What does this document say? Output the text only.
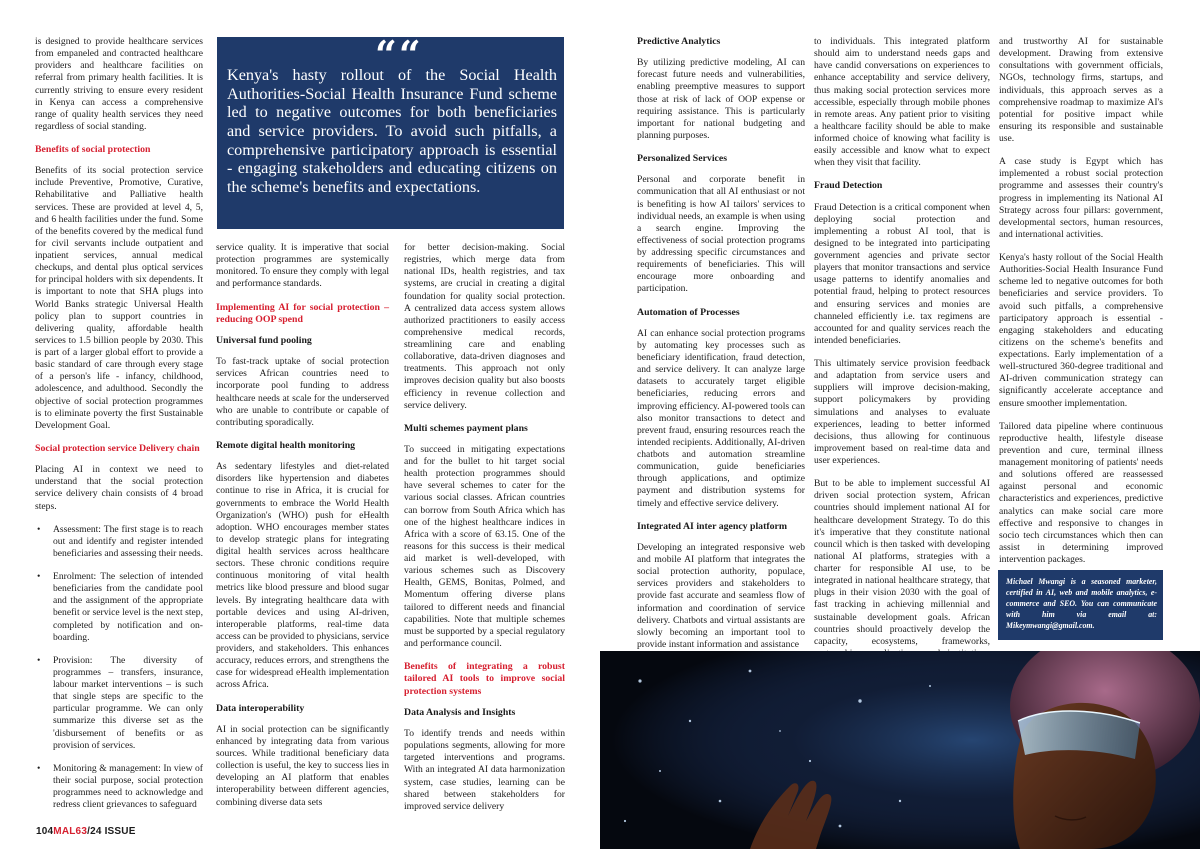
is designed to provide healthcare services from empaneled and contracted healthcare providers and healthcare facilities on referral from primary health facilities. It is currently striving to ensure every resident in Kenya can access a comprehensive range of quality health services they need regardless of social standing.

Benefits of social protection

Benefits of its social protection service include Preventive, Promotive, Curative, Rehabilitative and Palliative health services. These are provided at level 4, 5, and 6 health facilities under the fund. Some of the benefits covered by the medical fund for civil servants include outpatient and inpatient services, annual medical checkups, and dental plus optical services for principal holders with six dependents. It is important to note that SHA plugs into World Banks strategic Universal Health policy plan to support countries in delivering quality, affordable health services to 1.5 billion people by 2030. This is part of a larger global effort to provide a basic standard of care through every stage of a person's life - infancy, childhood, adolescence, and adulthood. Secondly the objective of social protection programmes is to eliminate poverty the first Sustainable Development Goal.

Social protection service Delivery chain

Placing AI in context we need to understand that the social protection service delivery chain consists of 4 broad steps.

• Assessment: The first stage is to reach out and identify and register intended beneficiaries and assessing their needs.
• Enrolment: The selection of intended beneficiaries from the candidate pool and the assignment of the appropriate benefit or service level is the next step, completed by notification and on-boarding.
• Provision: The diversity of programmes – transfers, insurance, labour market interventions – is such that single steps are specific to the particular programme. We can only summarize this diverse set as the 'disbursement of benefits or as provision of services.
• Monitoring & management: In view of their social purpose, social protection programmes need to acknowledge and redress client grievances to safeguard
““
Kenya's hasty rollout of the Social Health Authorities-Social Health Insurance Fund scheme led to negative outcomes for both beneficiaries and service providers. To avoid such pitfalls, a comprehensive participatory approach is essential - engaging stakeholders and educating citizens on the scheme's benefits and expectations.

service quality. It is imperative that social protection programmes are systemically monitored. To ensure they comply with legal and performance standards.

Implementing AI for social protection – reducing OOP spend
Universal fund pooling

To fast-track uptake of social protection services African countries need to incorporate pool funding to address healthcare needs at scale for the underserved who are unable to contribute or capable of contributing sporadically.

Remote digital health monitoring

As sedentary lifestyles and diet-related disorders like hypertension and diabetes continue to rise in Africa, it is crucial for governments to embrace the World Health Organization's (WHO) push for eHealth adoption. WHO encourages member states to develop strategic plans for integrating digital health services across healthcare sectors. These chronic conditions require continuous monitoring of vital health metrics like blood pressure and blood sugar levels. By integrating healthcare data with portable devices and using AI-driven, interoperable platforms, real-time data access can be provided to physicians, service providers, and stakeholders. This enhances accuracy, reduces errors, and strengthens the case for widespread eHealth implementation across Africa.

Data interoperability

AI in social protection can be significantly enhanced by integrating data from various sources. While traditional beneficiary data collection is useful, the key to success lies in developing an AI platform that enables interoperability between different agencies, combining diverse data sets

for better decision-making. Social registries, which merge data from national IDs, health registries, and tax systems, are crucial in creating a digital foundation for quality social protection. A centralized data access system allows authorized practitioners to easily access comprehensive medical records, streamlining care and enabling collaborative, data-driven diagnoses and treatments. This approach not only improves decision quality but also boosts efficiency in revenue collection and service delivery.

Multi schemes payment plans

To succeed in mitigating expectations and for the bullet to hit target social health protection programmes should have several schemes to cater for the various social classes. African countries can borrow from South Africa which has one of the highest healthcare indices in Africa with a score of 63.15. One of the reasons for this success is their medical aid market is well-developed, with various schemes such as Discovery Health, GEMS, Bonitas, Polmed, and Momentum offering diverse plans tailored to different needs and financial capabilities. Note that multiple schemes must be supported by a special regulatory and performance council.

Benefits of integrating a robust tailored AI tools to improve social protection systems
Data Analysis and Insights

To identify trends and needs within populations segments, allowing for more targeted interventions and programs. With an integrated AI data harmonization system, case studies, learning can be shared between stakeholders for improved service delivery

Predictive Analytics

By utilizing predictive modeling, AI can forecast future needs and vulnerabilities, enabling preemptive measures to support those at risk of lack of OOP expense or requiring assistance. This is particularly important for national budgeting and planning purposes.

Personalized Services

Personal and corporate benefit in communication that all AI enthusiast or not is benefiting is how AI tailors' services to individual needs, an example is when using a search engine. Improving the effectiveness of social protection programs by addressing specific circumstances and requirements of beneficiaries. This will encourage more onboarding and participation.

Automation of Processes

AI can enhance social protection programs by automating key processes such as beneficiary identification, fraud detection, and service delivery. It can analyze large datasets to accurately target eligible beneficiaries, reducing errors and improving efficiency. AI-powered tools can also monitor transactions to detect and prevent fraud, ensuring resources reach the intended recipients. Additionally, AI-driven chatbots and automation streamline communication, guide beneficiaries through applications, and optimize payment and distribution systems for timely and effective service delivery.

Integrated AI inter agency platform

Developing an integrated responsive web and mobile AI platform that integrates the social protection authority, populace, services providers and stakeholders to provide fast accurate and seamless flow of information and coordination of service delivery. Chatbots and virtual assistants are slowly becoming an important tool to provide instant information and assistance

to individuals. This integrated platform should aim to understand needs gaps and have candid conversations on experiences to enhance acceptability and service delivery, thus making social protection services more accessible, especially through mobile phones in remote areas. Any patient prior to visiting a healthcare facility should be able to make informed choice of knowing what facility is easily accessible and know what to expect when they visit that facility.

Fraud Detection

Fraud Detection is a critical component when deploying social protection and implementing a robust AI tool, that is designed to be integrated into participating government agencies and private sector players that monitor transactions and service usage patterns to identify anomalies and potential fraud, helping to protect resources and ensuring services and monies are channeled efficiently i.e. tax regimens are accounted for and quality services reach the intended beneficiaries.

This ultimately service provision feedback and adaptation from service users and suppliers will improve decision-making, support policymakers by providing simulations and analyses to evaluate experiences, leading to better informed decisions, thus allowing for continuous improvement based on real-time data and user experiences.

But to be able to implement successful AI driven social protection system, African countries should implement national AI for healthcare development Strategy. To do this it's imperative that they constitute national council which is then tasked with developing national AI platforms, strategies with a charter for responsible AI use, to be integrated in national healthcare strategy, that plugs in their vision 2030 with the goal of fast tracking in achieving millennial and sustainable development goals. African countries should proactively develop the capacity, ecosystems, frameworks,

and trustworthy AI for sustainable development. Drawing from extensive consultations with government officials, NGOs, technology firms, startups, and individuals, this approach serves as a comprehensive roadmap to maximize AI's potential for positive impact while ensuring its responsible and sustainable use.

A case study is Egypt which has implemented a robust social protection programme and assesses their country's progress in implementing its National AI Strategy across four pillars: government, developmental sectors, human resources, and international activities.

Kenya's hasty rollout of the Social Health Authorities-Social Health Insurance Fund scheme led to negative outcomes for both beneficiaries and service providers. To avoid such pitfalls, a comprehensive participatory approach is essential - engaging stakeholders and educating citizens on the scheme's benefits and expectations. Early implementation of a well-structured 360-degree traditional and AI-driven communication strategy can significantly accelerate acceptance and ensure smoother implementation.

Tailored data pipeline where continuous reproductive health, lifestyle disease prevention and cure, terminal illness management monitoring of patients' needs and solutions offered are reassessed against personal and economic characteristics and experiences, predictive analytics can make social care more effective and responsive to changes in socio tech circumstances which then can assist in determining improved intervention packages.

Michael Mwangi is a seasoned marketer, certified in AI, web and mobile analytics, e-commerce and SEO. You can communicate with him via email at: Mikeymwangi@gmail.com.
104MAL63/24 ISSUE
